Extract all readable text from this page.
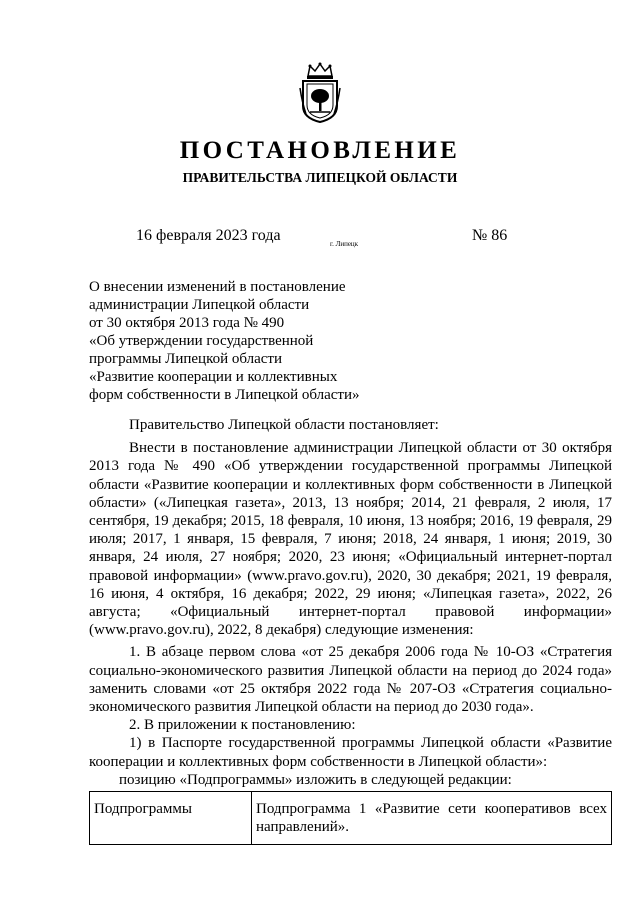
ПОСТАНОВЛЕНИЕ
ПРАВИТЕЛЬСТВА ЛИПЕЦКОЙ ОБЛАСТИ
16 февраля 2023 года	г. Липецк	№ 86
О внесении изменений в постановление
администрации Липецкой области
от 30 октября 2013 года № 490
«Об утверждении государственной
программы Липецкой области
«Развитие кооперации и коллективных
форм собственности в Липецкой области»

Правительство Липецкой области постановляет:

Внести в постановление администрации Липецкой области от 30 октября 2013 года № 490 «Об утверждении государственной программы Липецкой области «Развитие кооперации и коллективных форм собственности в Липецкой области» («Липецкая газета», 2013, 13 ноября; 2014, 21 февраля, 2 июля, 17 сентября, 19 декабря; 2015, 18 февраля, 10 июня, 13 ноября; 2016, 19 февраля, 29 июля; 2017, 1 января, 15 февраля, 7 июня; 2018, 24 января, 1 июня; 2019, 30 января, 24 июля, 27 ноября; 2020, 23 июня; «Официальный интернет-портал правовой информации» (www.pravo.gov.ru), 2020, 30 декабря; 2021, 19 февраля, 16 июня, 4 октября, 16 декабря; 2022, 29 июня; «Липецкая газета», 2022, 26 августа; «Официальный интернет-портал правовой информации» (www.pravo.gov.ru), 2022, 8 декабря) следующие изменения:

1. В абзаце первом слова «от 25 декабря 2006 года № 10-ОЗ «Стратегия социально-экономического развития Липецкой области на период до 2024 года» заменить словами «от 25 октября 2022 года № 207-ОЗ «Стратегия социально-экономического развития Липецкой области на период до 2030 года».

2. В приложении к постановлению:

1) в Паспорте государственной программы Липецкой области «Развитие кооперации и коллективных форм собственности в Липецкой области»:

позицию «Подпрограммы» изложить в следующей редакции:

Подпрограммы	Подпрограмма 1 «Развитие сети кооперативов всех направлений».
